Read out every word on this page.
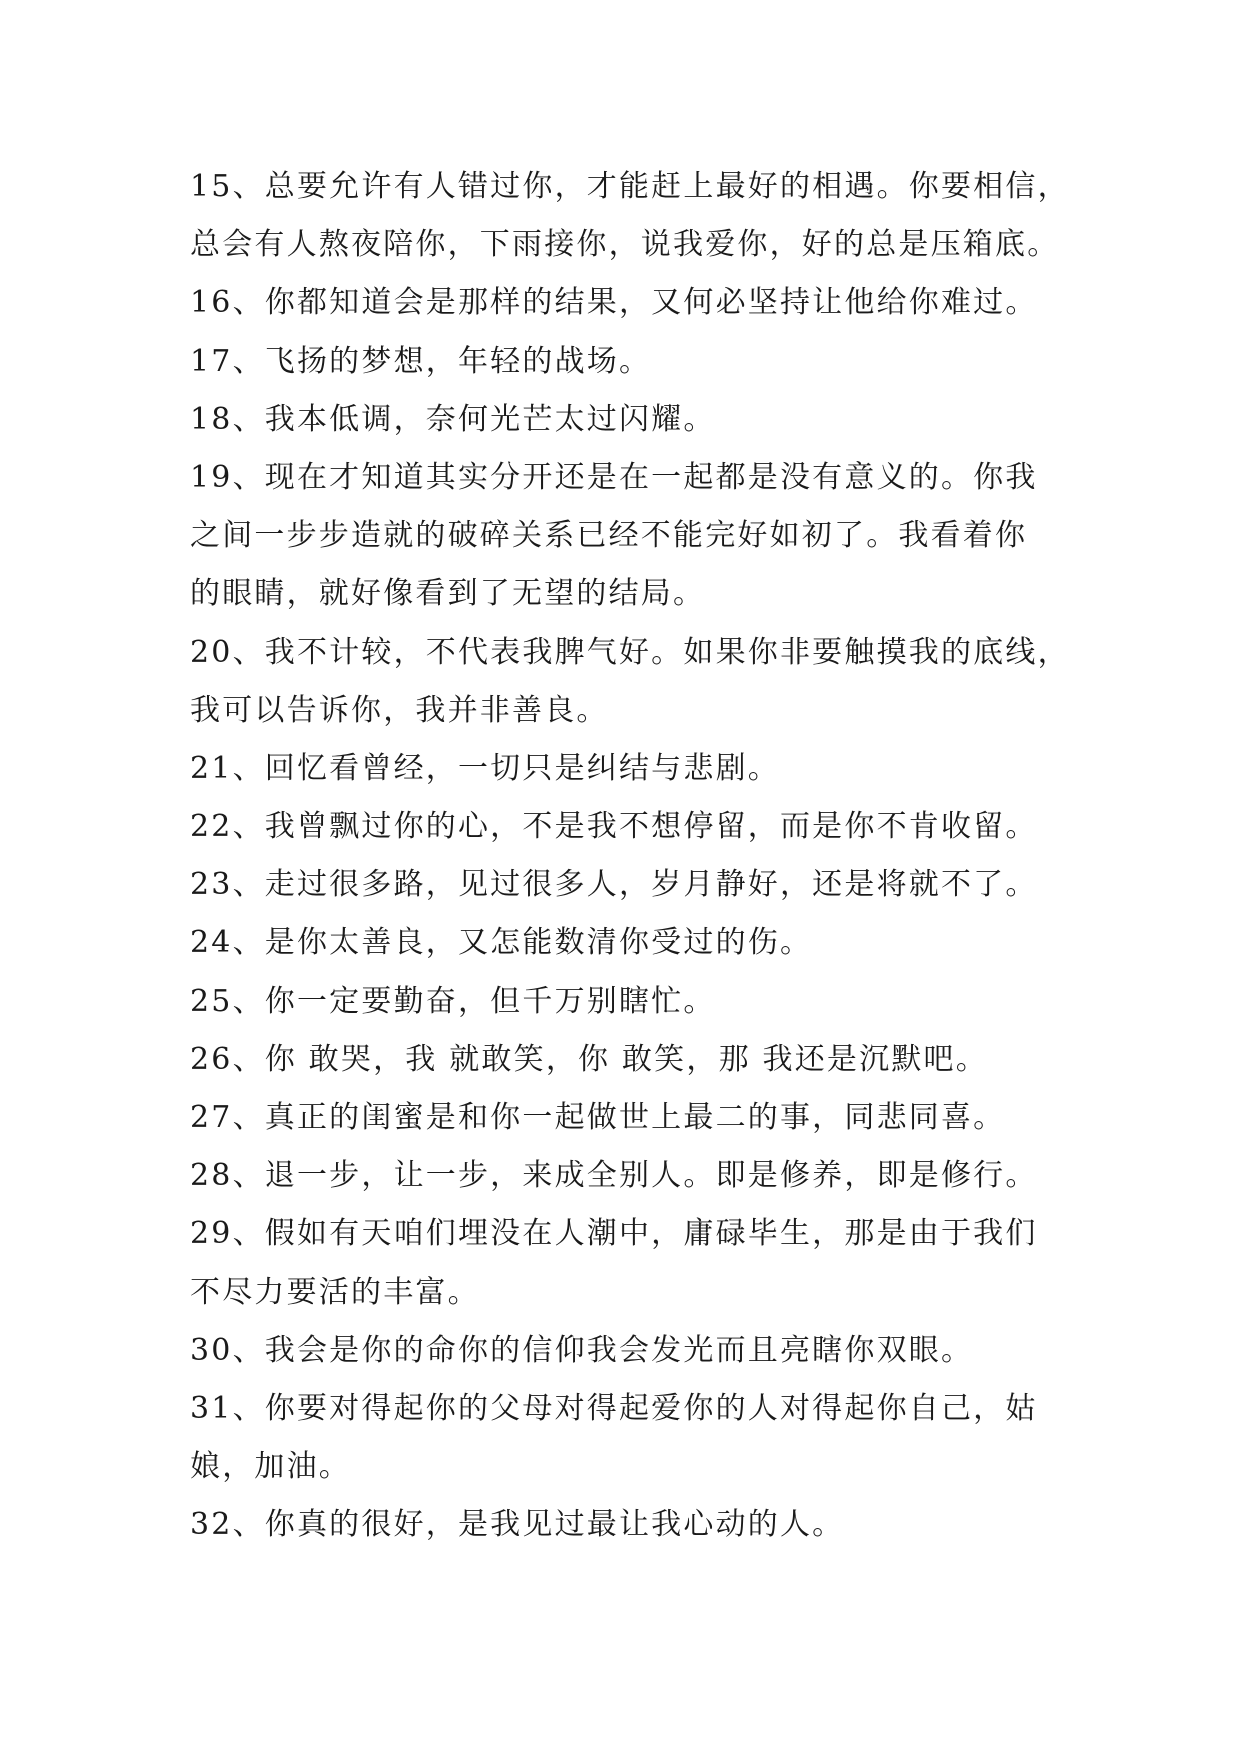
15、总要允许有人错过你，才能赶上最好的相遇。你要相信，
总会有人熬夜陪你，下雨接你，说我爱你，好的总是压箱底。
16、你都知道会是那样的结果，又何必坚持让他给你难过。
17、飞扬的梦想，年轻的战场。
18、我本低调，奈何光芒太过闪耀。
19、现在才知道其实分开还是在一起都是没有意义的。你我
之间一步步造就的破碎关系已经不能完好如初了。我看着你
的眼睛，就好像看到了无望的结局。
20、我不计较，不代表我脾气好。如果你非要触摸我的底线，
我可以告诉你，我并非善良。
21、回忆看曾经，一切只是纠结与悲剧。
22、我曾飘过你的心，不是我不想停留，而是你不肯收留。
23、走过很多路，见过很多人，岁月静好，还是将就不了。
24、是你太善良，又怎能数清你受过的伤。
25、你一定要勤奋，但千万别瞎忙。
26、你 敢哭，我 就敢笑，你 敢笑，那 我还是沉默吧。
27、真正的闺蜜是和你一起做世上最二的事，同悲同喜。
28、退一步，让一步，来成全别人。即是修养，即是修行。
29、假如有天咱们埋没在人潮中，庸碌毕生，那是由于我们
不尽力要活的丰富。
30、我会是你的命你的信仰我会发光而且亮瞎你双眼。
31、你要对得起你的父母对得起爱你的人对得起你自己，姑
娘，加油。
32、你真的很好，是我见过最让我心动的人。
